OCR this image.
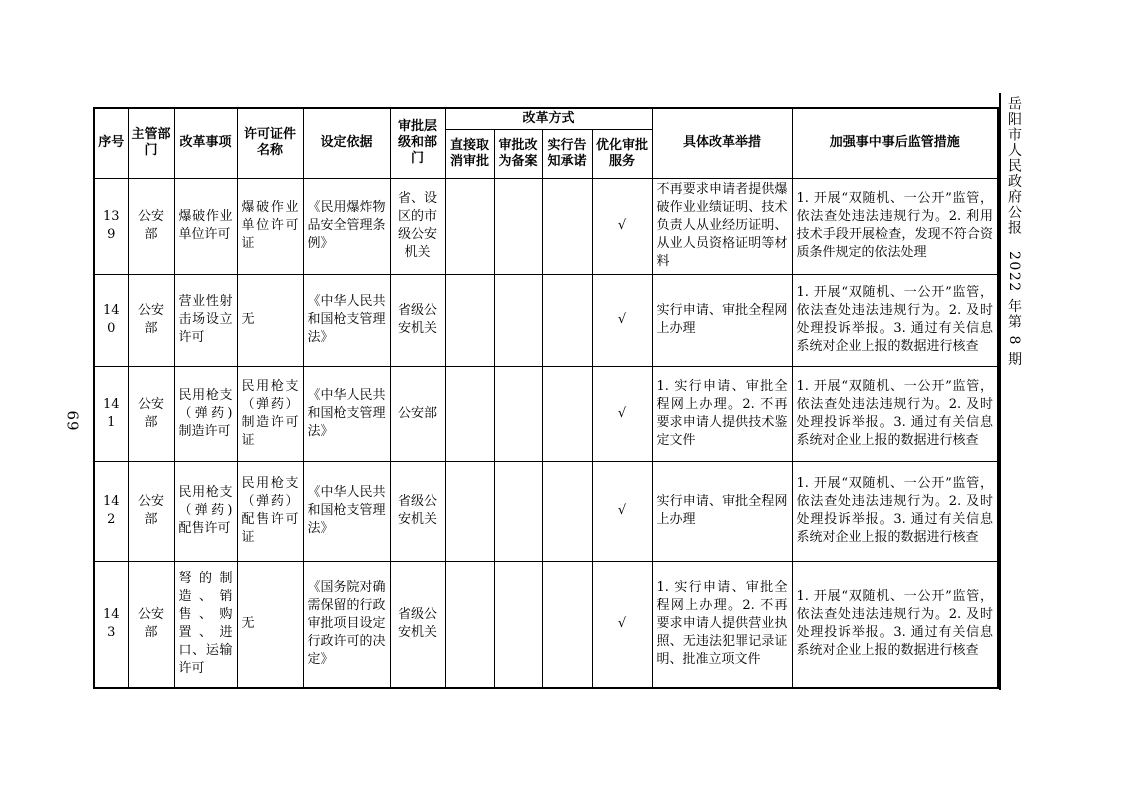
69
岳阳市人民政府公报　2022 年第 8 期
序号	主管部门	改革事项	许可证件名称	设定依据	审批层级和部门	改革方式				具体改革举措	加强事中事后监管措施
						直接取消审批	审批改为备案	实行告知承诺	优化审批服务		
139	公安部	爆破作业单位许可	爆破作业单位许可证	《民用爆炸物品安全管理条例》	省、设区的市级公安机关				√	不再要求申请者提供爆破作业业绩证明、技术负责人从业经历证明、从业人员资格证明等材料	1. 开展“双随机、一公开”监管，依法查处违法违规行为。2. 利用技术手段开展检查，发现不符合资质条件规定的依法处理
140	公安部	营业性射击场设立许可	无	《中华人民共和国枪支管理法》	省级公安机关				√	实行申请、审批全程网上办理	1. 开展“双随机、一公开”监管，依法查处违法违规行为。2. 及时处理投诉举报。3. 通过有关信息系统对企业上报的数据进行核查
141	公安部	民用枪支（弹药)制造许可	民用枪支（弹药）制造许可证	《中华人民共和国枪支管理法》	公安部				√	1. 实行申请、审批全程网上办理。2. 不再要求申请人提供技术鉴定文件	1. 开展“双随机、一公开”监管，依法查处违法违规行为。2. 及时处理投诉举报。3. 通过有关信息系统对企业上报的数据进行核查
142	公安部	民用枪支（弹药)配售许可	民用枪支（弹药）配售许可证	《中华人民共和国枪支管理法》	省级公安机关				√	实行申请、审批全程网上办理	1. 开展“双随机、一公开”监管，依法查处违法违规行为。2. 及时处理投诉举报。3. 通过有关信息系统对企业上报的数据进行核查
143	公安部	弩的制造、销售、购置、进口、运输许可	无	《国务院对确需保留的行政审批项目设定行政许可的决定》	省级公安机关				√	1. 实行申请、审批全程网上办理。2. 不再要求申请人提供营业执照、无违法犯罪记录证明、批准立项文件	1. 开展“双随机、一公开”监管，依法查处违法违规行为。2. 及时处理投诉举报。3. 通过有关信息系统对企业上报的数据进行核查
